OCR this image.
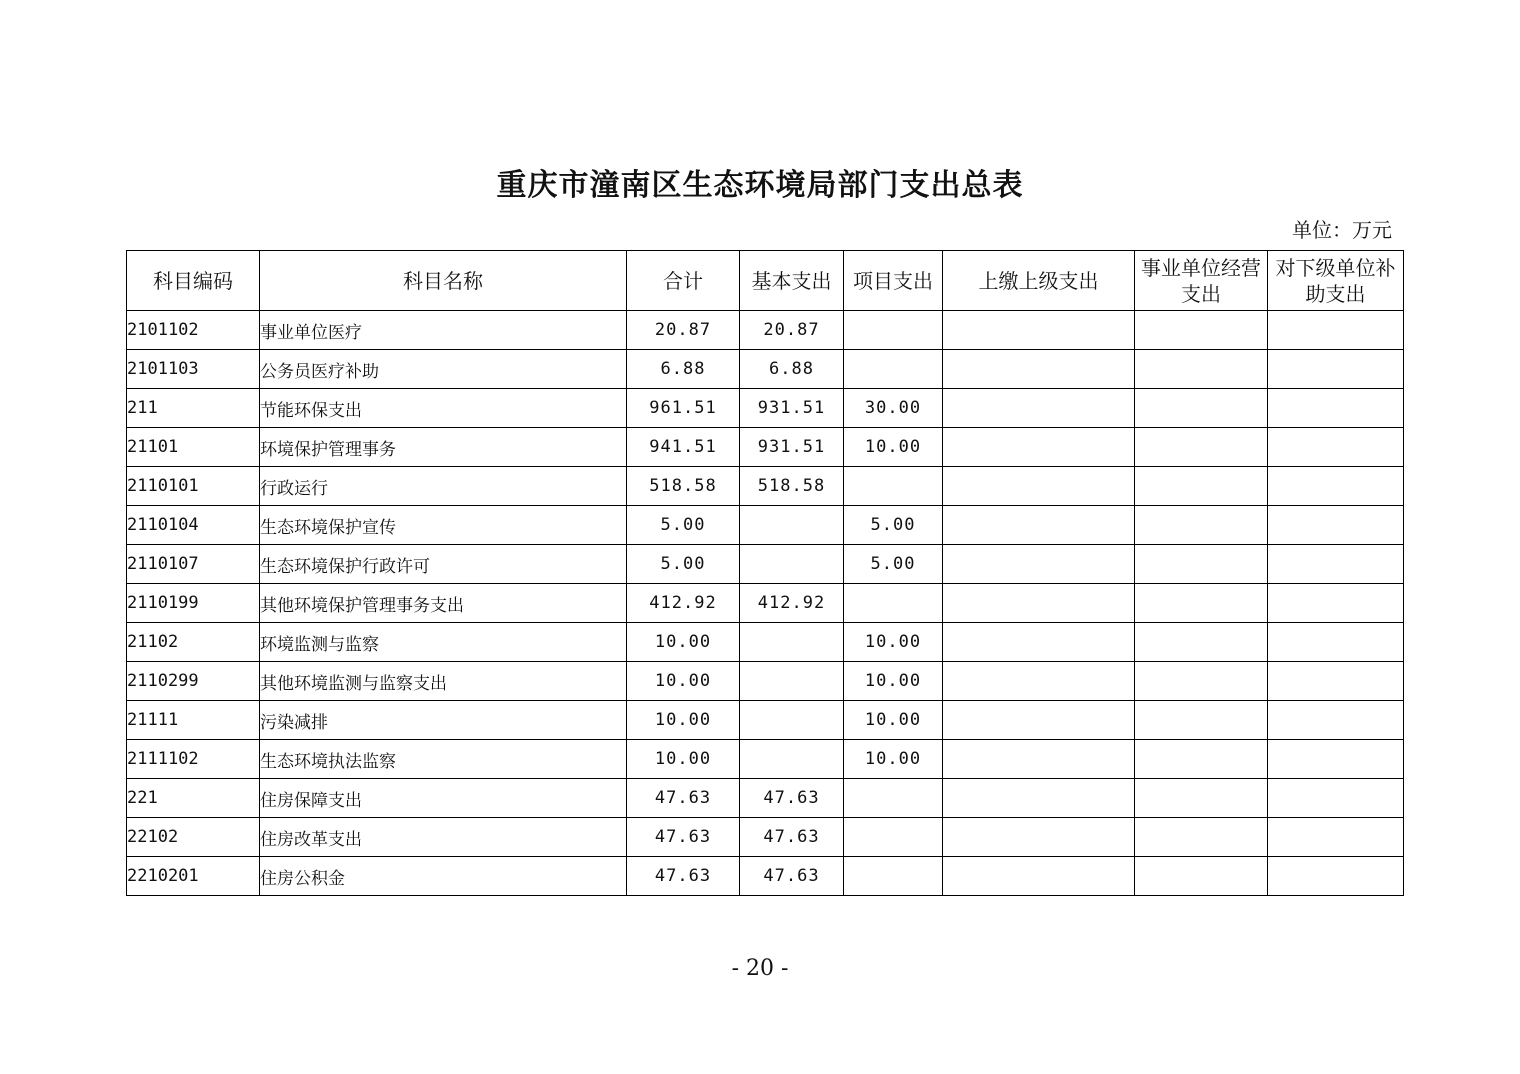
重庆市潼南区生态环境局部门支出总表
单位：万元
科目编码	科目名称	合计	基本支出	项目支出	上缴上级支出	事业单位经营支出	对下级单位补助支出
2101102	事业单位医疗	20.87	20.87				
2101103	公务员医疗补助	6.88	6.88				
211	节能环保支出	961.51	931.51	30.00			
21101	环境保护管理事务	941.51	931.51	10.00			
2110101	行政运行	518.58	518.58				
2110104	生态环境保护宣传	5.00		5.00			
2110107	生态环境保护行政许可	5.00		5.00			
2110199	其他环境保护管理事务支出	412.92	412.92				
21102	环境监测与监察	10.00		10.00			
2110299	其他环境监测与监察支出	10.00		10.00			
21111	污染减排	10.00		10.00			
2111102	生态环境执法监察	10.00		10.00			
221	住房保障支出	47.63	47.63				
22102	住房改革支出	47.63	47.63				
2210201	住房公积金	47.63	47.63				
- 20 -
